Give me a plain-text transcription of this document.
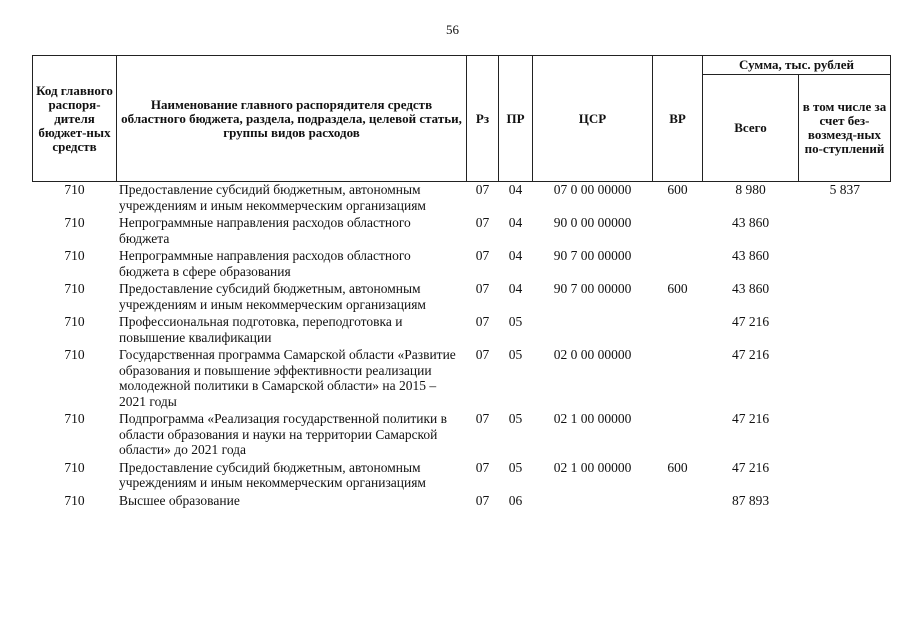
56
Код главного распоря-дителя бюджет-ных средств	Наименование главного распорядителя средств областного бюджета, раздела, подраздела, целевой статьи, группы видов расходов	Рз	ПР	ЦСР	ВР	Сумма, тыс. рублей	
						Всего	в том числе за счет без-возмезд-ных по-ступлений
710	Предоставление субсидий бюджетным, автономным учреждениям и иным некоммерческим организациям	07	04	07 0 00 00000	600	8 980	5 837
710	Непрограммные направления расходов областного бюджета	07	04	90 0 00 00000		43 860	
710	Непрограммные направления расходов областного бюджета в сфере образования	07	04	90 7 00 00000		43 860	
710	Предоставление субсидий бюджетным, автономным учреждениям и иным некоммерческим организациям	07	04	90 7 00 00000	600	43 860	
710	Профессиональная подготовка, переподготовка и повышение квалификации	07	05			47 216	
710	Государственная программа Самарской области «Развитие образования и повышение эффективности реализации молодежной политики в Самарской области» на 2015 – 2021 годы	07	05	02 0 00 00000		47 216	
710	Подпрограмма «Реализация государственной политики в области образования и науки на территории Самарской области» до 2021 года	07	05	02 1 00 00000		47 216	
710	Предоставление субсидий бюджетным, автономным учреждениям и иным некоммерческим организациям	07	05	02 1 00 00000	600	47 216	
710	Высшее образование	07	06			87 893	
